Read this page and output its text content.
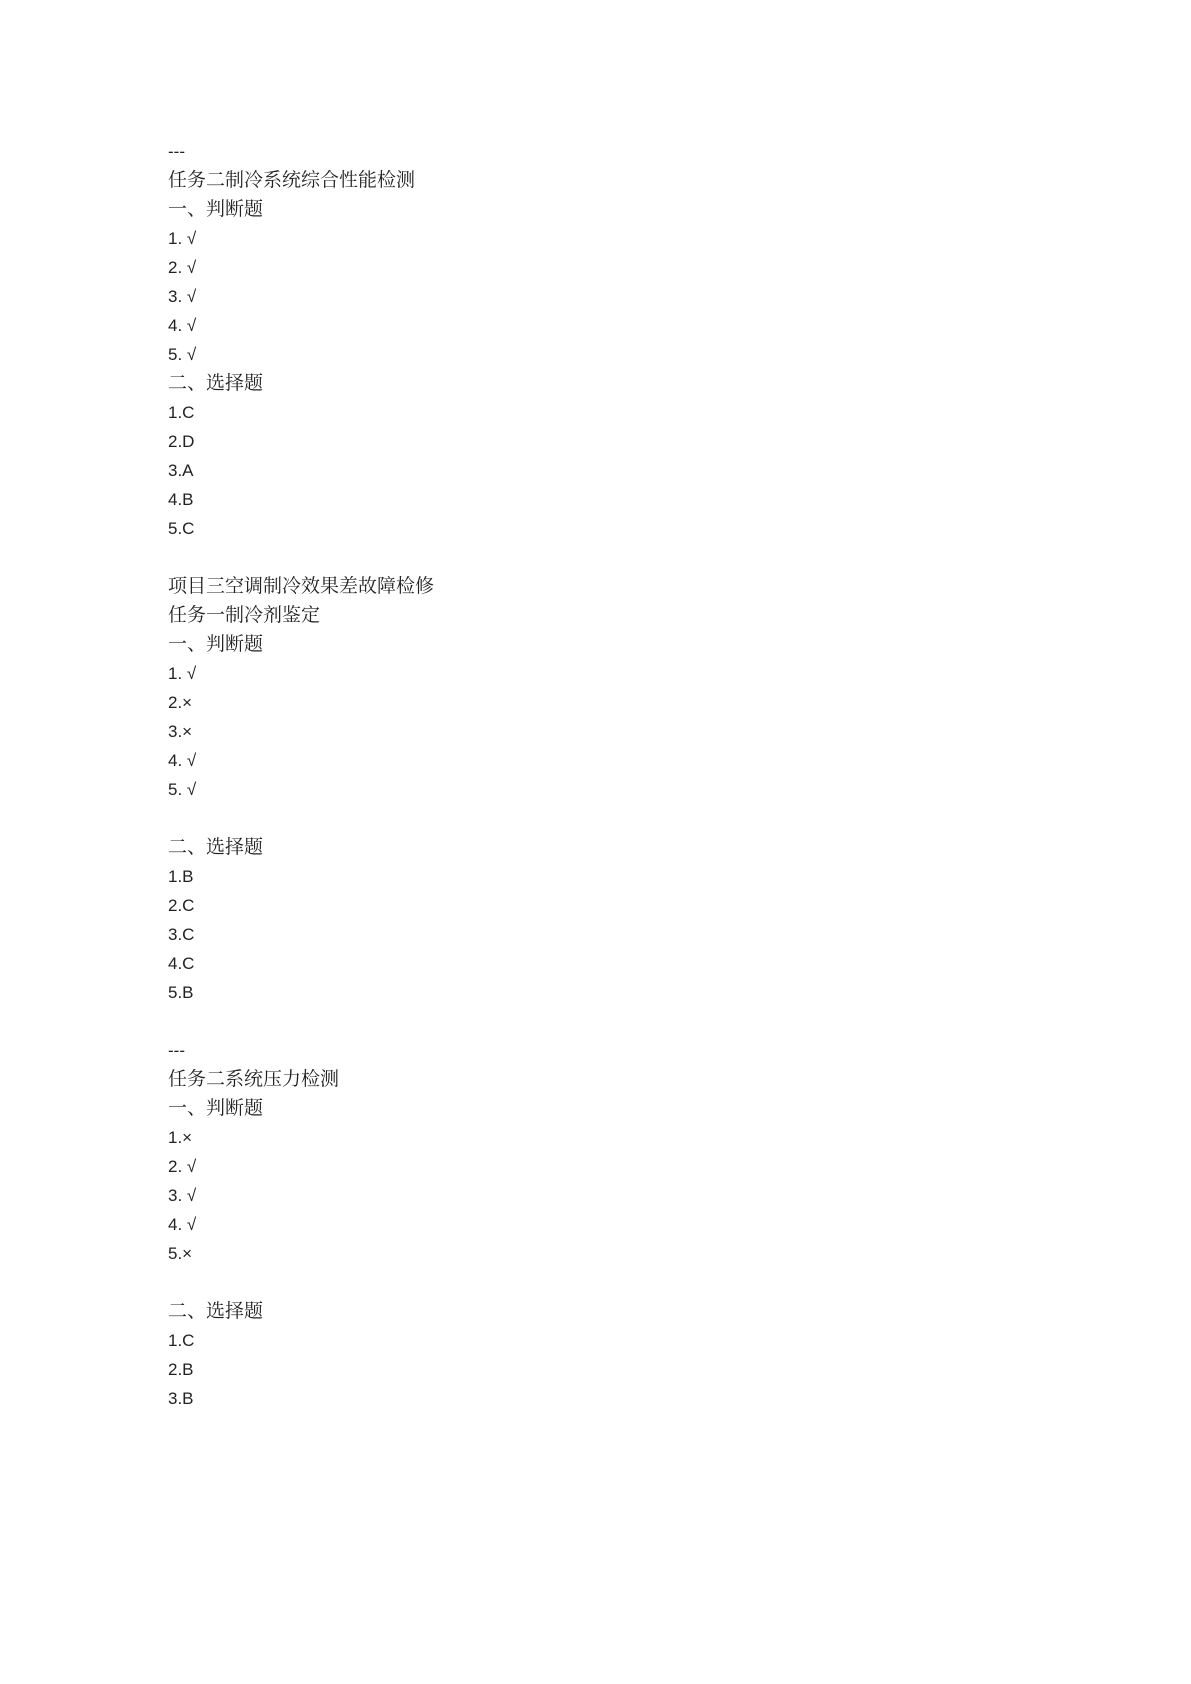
---
任务二制冷系统综合性能检测
一、判断题
1. √
2. √
3. √
4. √
5. √
二、选择题
1.C
2.D
3.A
4.B
5.C
项目三空调制冷效果差故障检修
任务一制冷剂鉴定
一、判断题
1. √
2.×
3.×
4. √
5. √
二、选择题
1.B
2.C
3.C
4.C
5.B
---
任务二系统压力检测
一、判断题
1.×
2. √
3. √
4. √
5.×
二、选择题
1.C
2.B
3.B
